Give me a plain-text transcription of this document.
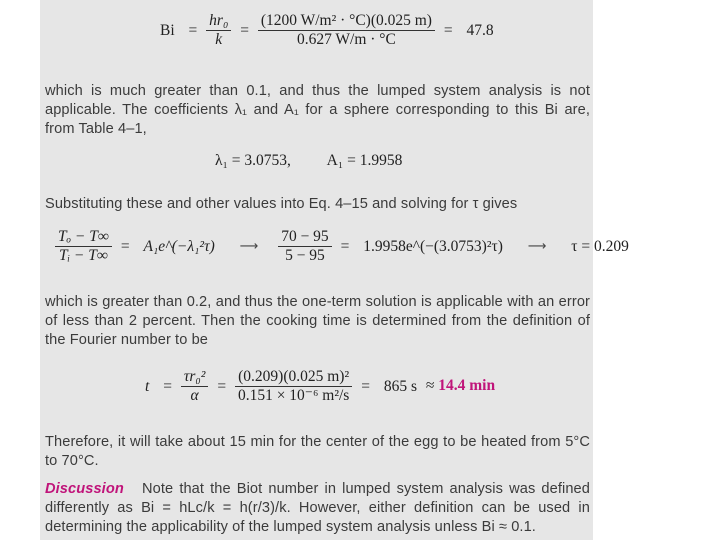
$Bi = \frac{\text{hr₀}}{k} = \frac{\text{(1200 W/m² · °C)(0.025 m)}}{0.627 W/m \cdot ^\circ C} = 47.8$

which is much greater than 0.1, and thus the lumped system analysis is not applicable. The coefficients λ₁ and A₁ for a sphere corresponding to this Bi are, from Table 4–1,

λ₁ = 3.0753, A₁ = 1.9958

Substituting these and other values into Eq. 4–15 and solving for τ gives

$\frac{\text{Tₒ − T∞}}{\text{Tᵢ − T∞}}$ = A₁e^(−λ₁²τ) ⟶ $\frac{70 - 95}{5 - 95}$ = 1.9958e^(−(3.0753)²τ) ⟶ τ = 0.209

which is greater than 0.2, and thus the one-term solution is applicable with an error of less than 2 percent. Then the cooking time is determined from the definition of the Fourier number to be

$t = \frac{\text{τr₀²}}{\alpha} = \frac{\text{(0.209)(0.025 m)²}}{\text{0.151 × 10⁻⁶ m²/s}} = 865$ s ≈ 14.4 min

Therefore, it will take about 15 min for the center of the egg to be heated from 5°C to 70°C.

Discussion Note that the Biot number in lumped system analysis was defined differently as Bi = hLc/k = h(r/3)/k. However, either definition can be used in determining the applicability of the lumped system analysis unless Bi ≈ 0.1.
